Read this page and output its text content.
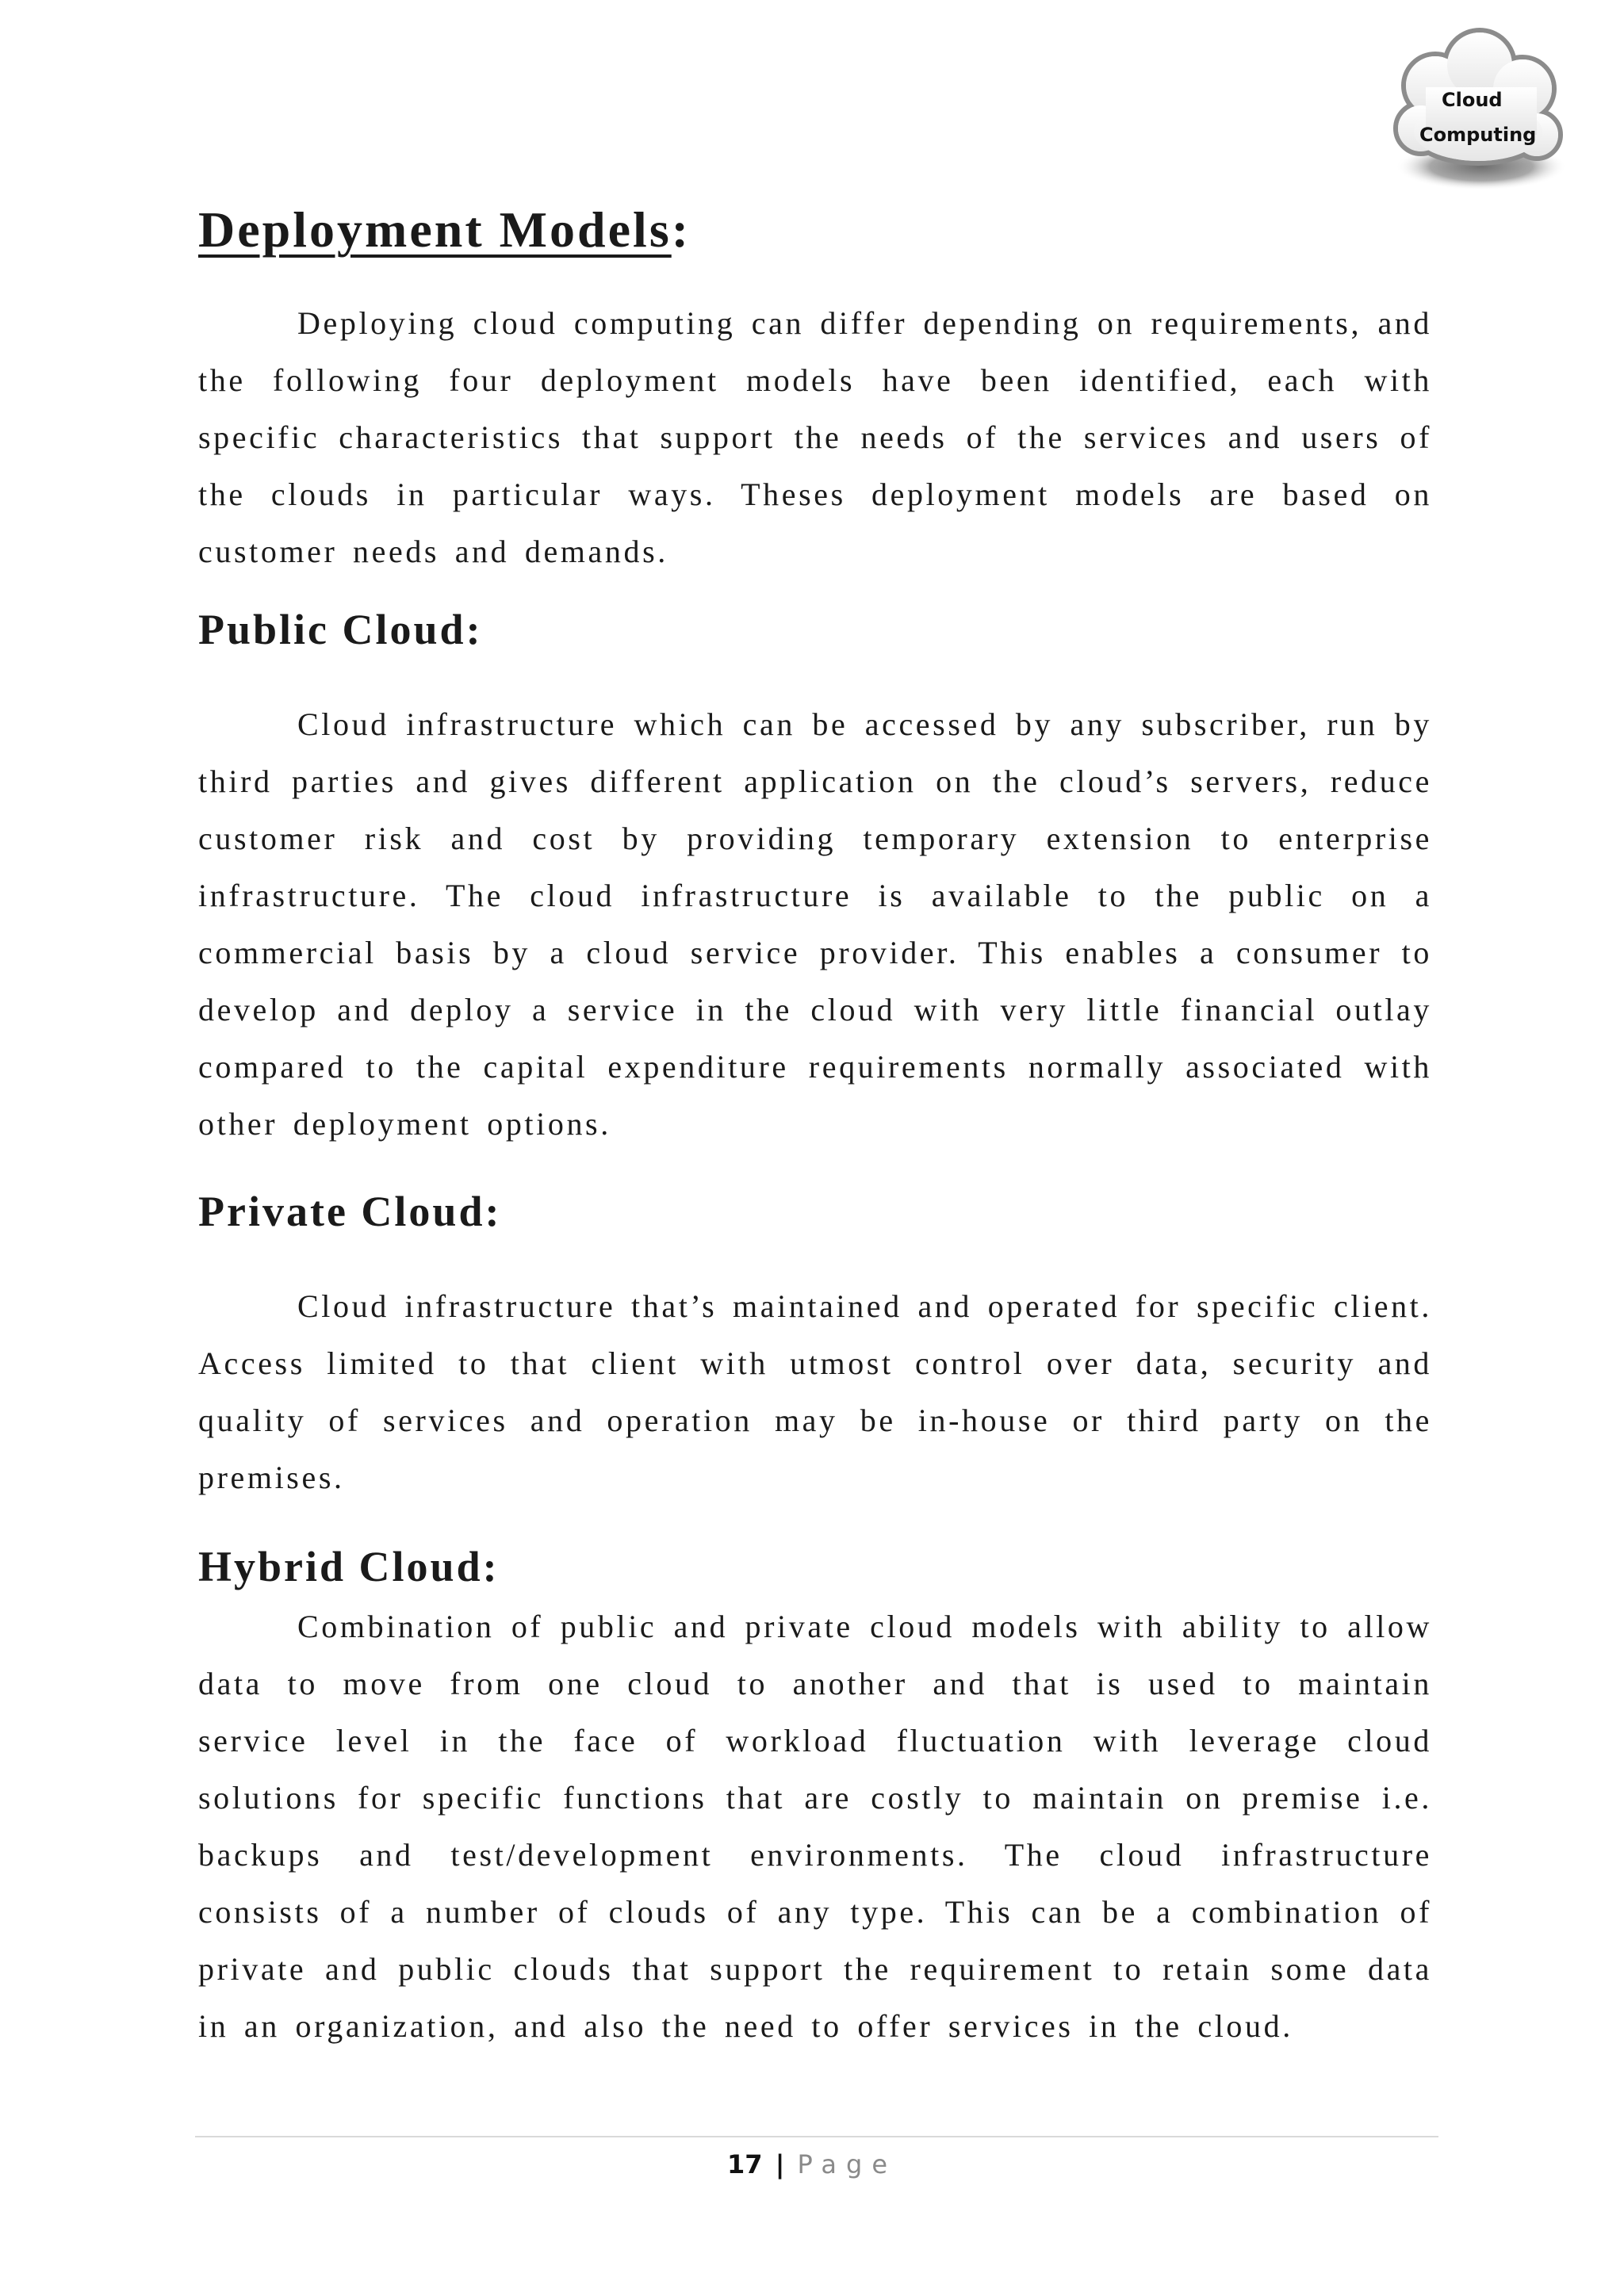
Cloud
Computing
Deployment Models:

Deploying cloud computing can differ depending on requirements, and the following four deployment models have been identified, each with specific characteristics that support the needs of the services and users of the clouds in particular ways. Theses deployment models are based on customer needs and demands.

Public Cloud:

Cloud infrastructure which can be accessed by any subscriber, run by third parties and gives different application on the cloud’s servers, reduce customer risk and cost by providing temporary extension to enterprise infrastructure. The cloud infrastructure is available to the public on a commercial basis by a cloud service provider. This enables a consumer to develop and deploy a service in the cloud with very little financial outlay compared to the capital expenditure requirements normally associated with other deployment options.

Private Cloud:

Cloud infrastructure that’s maintained and operated for specific client. Access limited to that client with utmost control over data, security and quality of services and operation may be in-house or third party on the premises.

Hybrid Cloud:

Combination of public and private cloud models with ability to allow data to move from one cloud to another and that is used to maintain service level in the face of workload fluctuation with leverage cloud solutions for specific functions that are costly to maintain on premise i.e. backups and test/development environments. The cloud infrastructure consists of a number of clouds of any type. This can be a combination of private and public clouds that support the requirement to retain some data in an organization, and also the need to offer services in the cloud.

17 | Page
